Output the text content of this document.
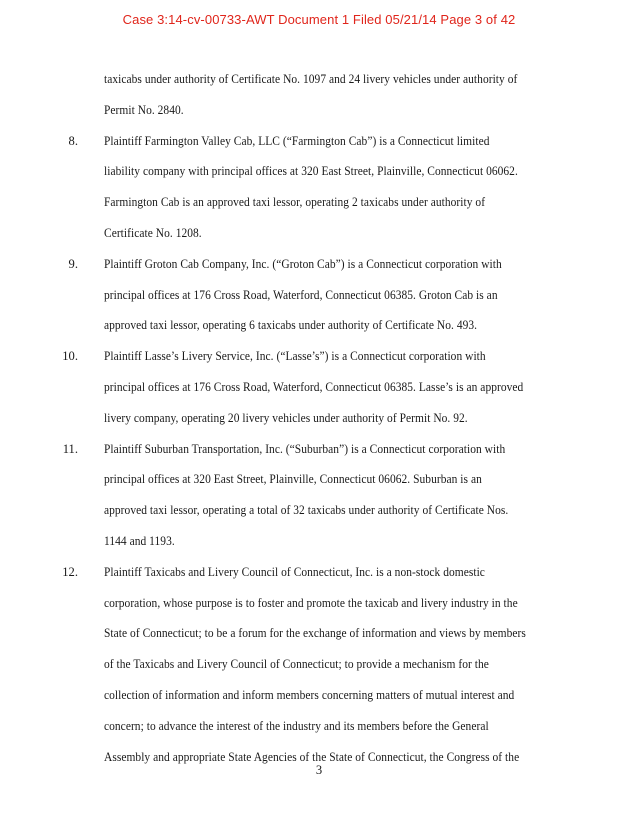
Case 3:14-cv-00733-AWT Document 1 Filed 05/21/14 Page 3 of 42
taxicabs under authority of Certificate No. 1097 and 24 livery vehicles under authority of
Permit No. 2840.
8. Plaintiff Farmington Valley Cab, LLC (“Farmington Cab”) is a Connecticut limited
liability company with principal offices at 320 East Street, Plainville, Connecticut 06062.
Farmington Cab is an approved taxi lessor, operating 2 taxicabs under authority of
Certificate No. 1208.
9. Plaintiff Groton Cab Company, Inc. (“Groton Cab”) is a Connecticut corporation with
principal offices at 176 Cross Road, Waterford, Connecticut 06385. Groton Cab is an
approved taxi lessor, operating 6 taxicabs under authority of Certificate No. 493.
10. Plaintiff Lasse’s Livery Service, Inc. (“Lasse’s”) is a Connecticut corporation with
principal offices at 176 Cross Road, Waterford, Connecticut 06385. Lasse’s is an approved
livery company, operating 20 livery vehicles under authority of Permit No. 92.
11. Plaintiff Suburban Transportation, Inc. (“Suburban”) is a Connecticut corporation with
principal offices at 320 East Street, Plainville, Connecticut 06062. Suburban is an
approved taxi lessor, operating a total of 32 taxicabs under authority of Certificate Nos.
1144 and 1193.
12. Plaintiff Taxicabs and Livery Council of Connecticut, Inc. is a non-stock domestic
corporation, whose purpose is to foster and promote the taxicab and livery industry in the
State of Connecticut; to be a forum for the exchange of information and views by members
of the Taxicabs and Livery Council of Connecticut; to provide a mechanism for the
collection of information and inform members concerning matters of mutual interest and
concern; to advance the interest of the industry and its members before the General
Assembly and appropriate State Agencies of the State of Connecticut, the Congress of the
3
